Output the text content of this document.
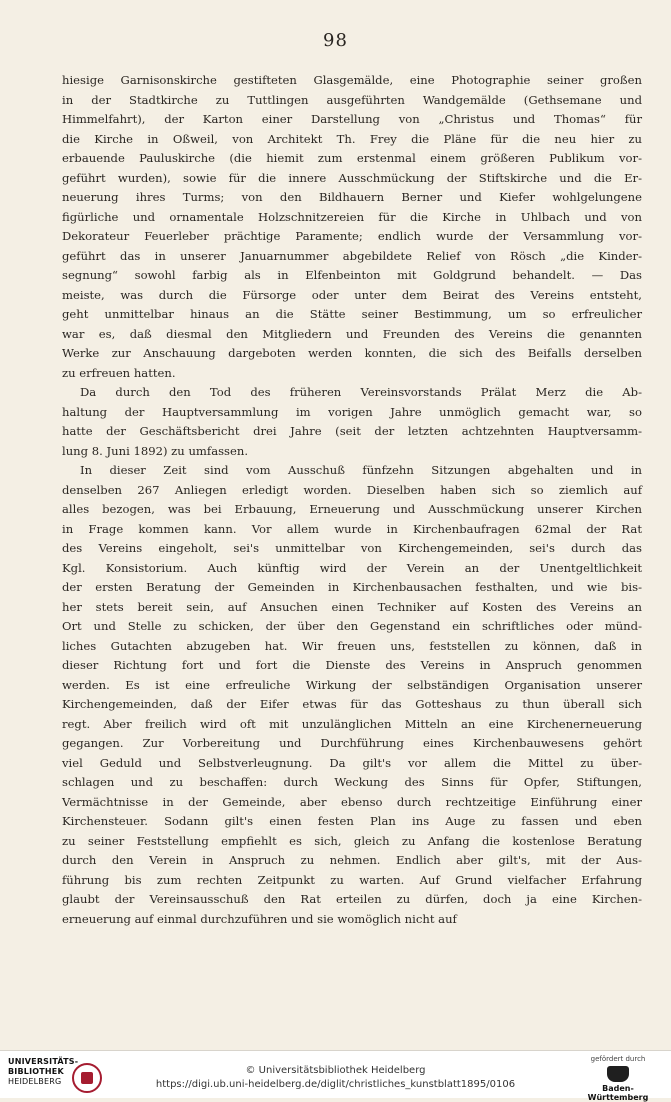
98
hiesige Garnisonskirche gestifteten Glasgemälde, eine Photographie seiner großen
in der Stadtkirche zu Tuttlingen ausgeführten Wandgemälde (Gethsemane und
Himmelfahrt), der Karton einer Darstellung von „Christus und Thomas“ für
die Kirche in Oßweil, von Architekt Th. Frey die Pläne für die neu hier zu
erbauende Pauluskirche (die hiemit zum erstenmal einem größeren Publikum vor-
geführt wurden), sowie für die innere Ausschmückung der Stiftskirche und die Er-
neuerung ihres Turms; von den Bildhauern Berner und Kiefer wohlgelungene
figürliche und ornamentale Holzschnitzereien für die Kirche in Uhlbach und von
Dekorateur Feuerleber prächtige Paramente; endlich wurde der Versammlung vor-
geführt das in unserer Januarnummer abgebildete Relief von Rösch „die Kinder-
segnung“ sowohl farbig als in Elfenbeinton mit Goldgrund behandelt. — Das
meiste, was durch die Fürsorge oder unter dem Beirat des Vereins entsteht,
geht unmittelbar hinaus an die Stätte seiner Bestimmung, um so erfreulicher
war es, daß diesmal den Mitgliedern und Freunden des Vereins die genannten
Werke zur Anschauung dargeboten werden konnten, die sich des Beifalls derselben
zu erfreuen hatten.
Da durch den Tod des früheren Vereinsvorstands Prälat Merz die Ab-
haltung der Hauptversammlung im vorigen Jahre unmöglich gemacht war, so
hatte der Geschäftsbericht drei Jahre (seit der letzten achtzehnten Hauptversamm-
lung 8. Juni 1892) zu umfassen.
In dieser Zeit sind vom Ausschuß fünfzehn Sitzungen abgehalten und in
denselben 267 Anliegen erledigt worden. Dieselben haben sich so ziemlich auf
alles bezogen, was bei Erbauung, Erneuerung und Ausschmückung unserer Kirchen
in Frage kommen kann. Vor allem wurde in Kirchenbaufragen 62mal der Rat
des Vereins eingeholt, sei's unmittelbar von Kirchengemeinden, sei's durch das
Kgl. Konsistorium. Auch künftig wird der Verein an der Unentgeltlichkeit
der ersten Beratung der Gemeinden in Kirchenbausachen festhalten, und wie bis-
her stets bereit sein, auf Ansuchen einen Techniker auf Kosten des Vereins an
Ort und Stelle zu schicken, der über den Gegenstand ein schriftliches oder münd-
liches Gutachten abzugeben hat. Wir freuen uns, feststellen zu können, daß in
dieser Richtung fort und fort die Dienste des Vereins in Anspruch genommen
werden. Es ist eine erfreuliche Wirkung der selbständigen Organisation unserer
Kirchengemeinden, daß der Eifer etwas für das Gotteshaus zu thun überall sich
regt. Aber freilich wird oft mit unzulänglichen Mitteln an eine Kirchenerneuerung
gegangen. Zur Vorbereitung und Durchführung eines Kirchenbauwesens gehört
viel Geduld und Selbstverleugnung. Da gilt's vor allem die Mittel zu über-
schlagen und zu beschaffen: durch Weckung des Sinns für Opfer, Stiftungen,
Vermächtnisse in der Gemeinde, aber ebenso durch rechtzeitige Einführung einer
Kirchensteuer. Sodann gilt's einen festen Plan ins Auge zu fassen und eben
zu seiner Feststellung empfiehlt es sich, gleich zu Anfang die kostenlose Beratung
durch den Verein in Anspruch zu nehmen. Endlich aber gilt's, mit der Aus-
führung bis zum rechten Zeitpunkt zu warten. Auf Grund vielfacher Erfahrung
glaubt der Vereinsausschuß den Rat erteilen zu dürfen, doch ja eine Kirchen-
erneuerung auf einmal durchzuführen und sie womöglich nicht auf
UNIVERSITÄTS-
BIBLIOTHEK
HEIDELBERG
© Universitätsbibliothek Heidelberg
https://digi.ub.uni-heidelberg.de/diglit/christliches_kunstblatt1895/0106
gefördert durch
Baden-Württemberg
